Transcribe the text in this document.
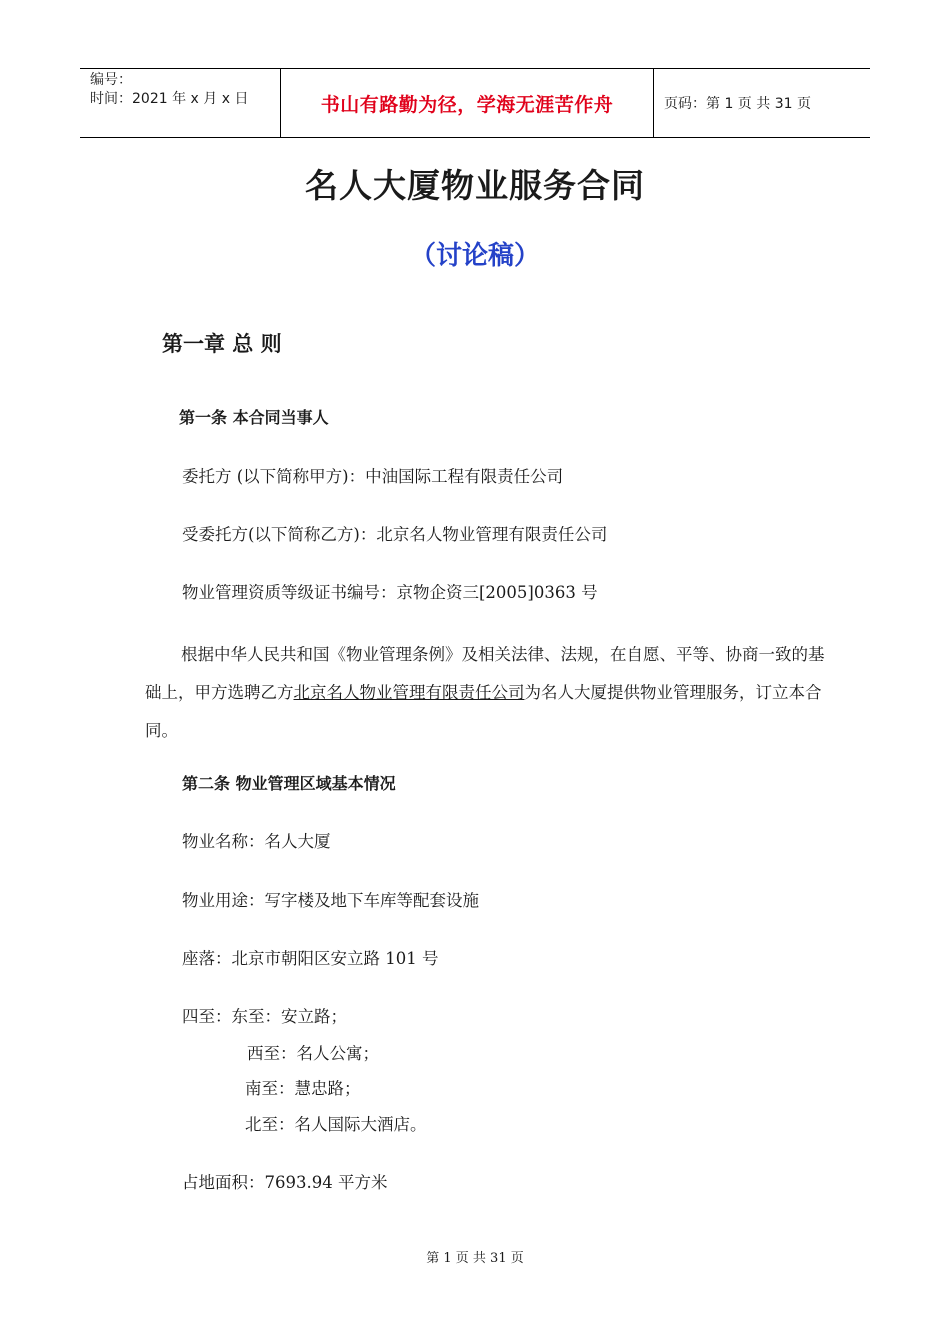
编号：
时间：2021 年 x 月 x 日	书山有路勤为径，学海无涯苦作舟	页码：第 1 页 共 31 页
名人大厦物业服务合同
（讨论稿）
第一章 总 则
第一条 本合同当事人
委托方 (以下简称甲方)：中油国际工程有限责任公司
受委托方(以下简称乙方)：北京名人物业管理有限责任公司
物业管理资质等级证书编号：京物企资三[2005]0363 号
根据中华人民共和国《物业管理条例》及相关法律、法规，在自愿、平等、协商一致的基础上，甲方选聘乙方北京名人物业管理有限责任公司为名人大厦提供物业管理服务，订立本合同。
第二条 物业管理区域基本情况
物业名称：名人大厦
物业用途：写字楼及地下车库等配套设施
座落：北京市朝阳区安立路 101 号
四至：东至：安立路；
西至：名人公寓；
南至：慧忠路；
北至：名人国际大酒店。
占地面积：7693.94 平方米
第 1 页 共 31 页
